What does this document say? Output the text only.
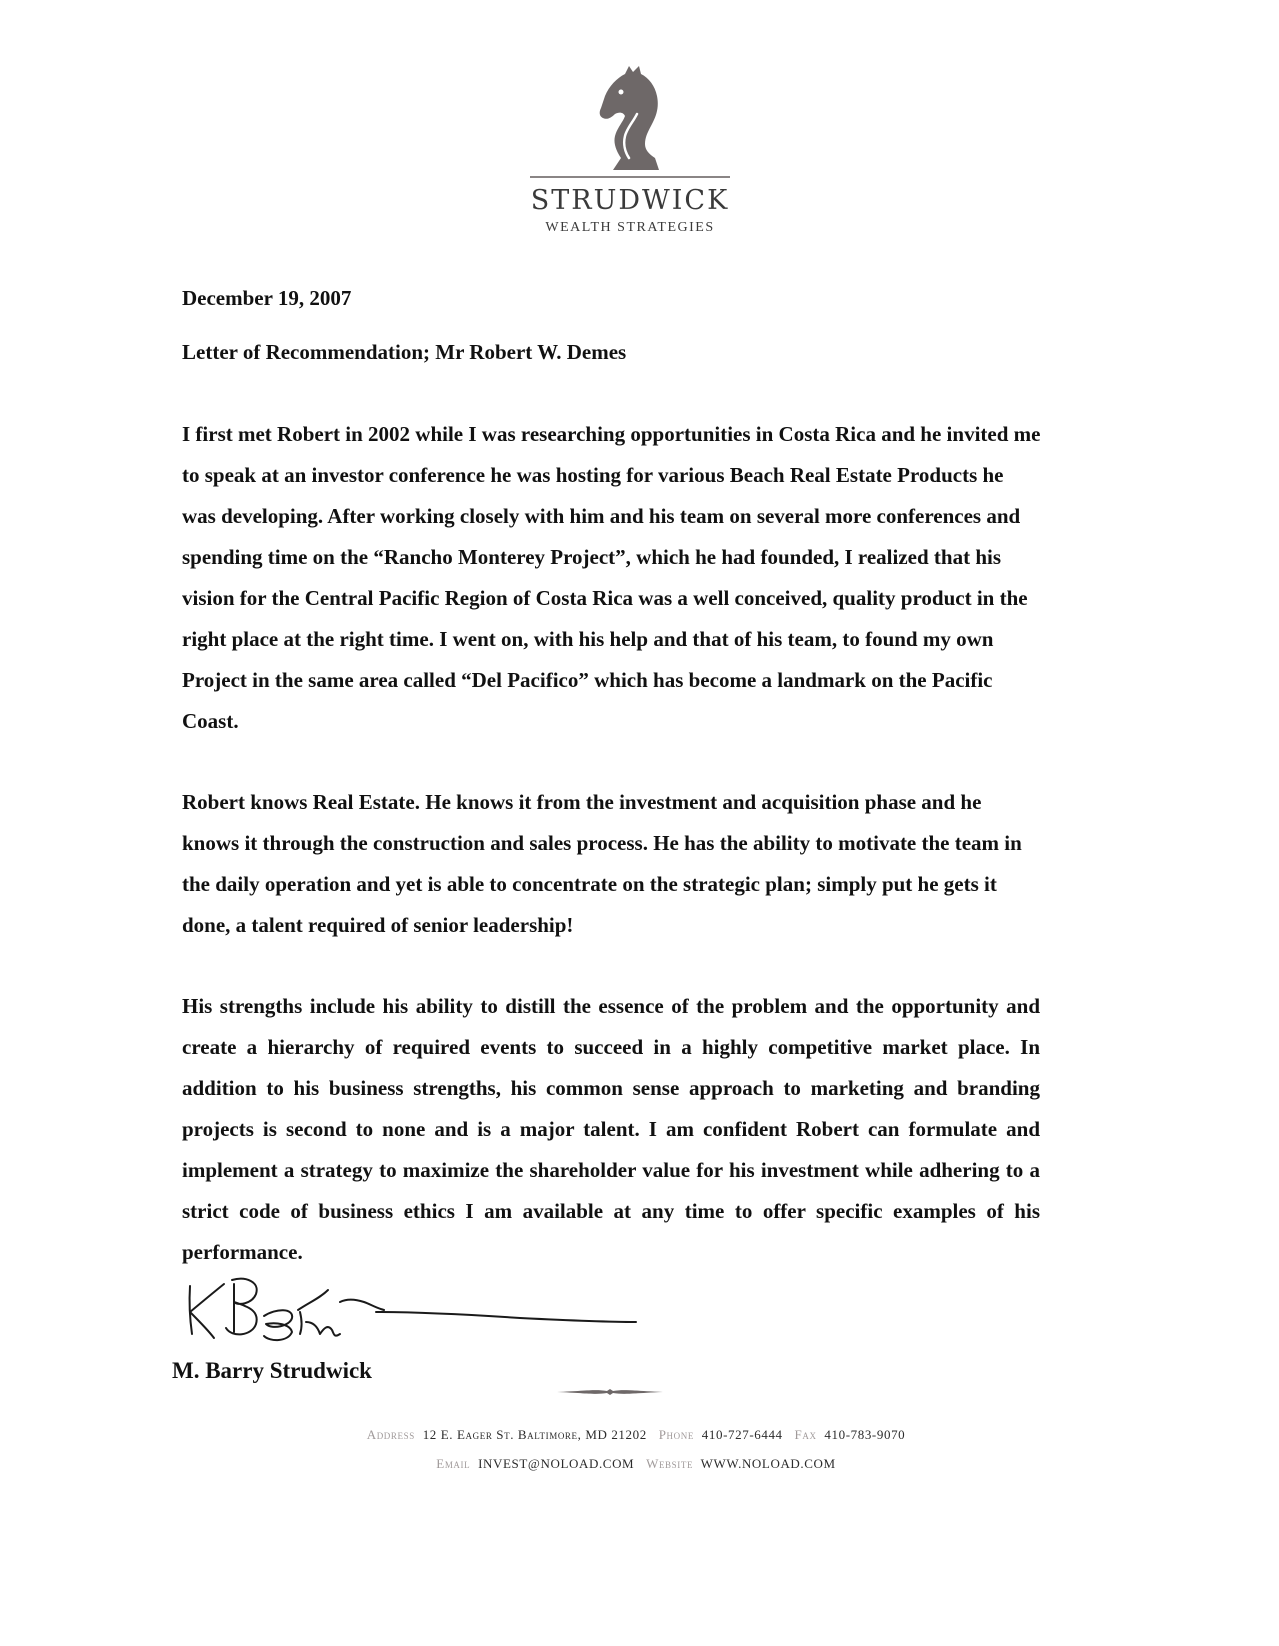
STRUDWICK
WEALTH STRATEGIES
December 19, 2007
Letter of Recommendation; Mr Robert W. Demes
I first met Robert in 2002 while I was researching opportunities in Costa Rica and he invited me to speak at an investor conference he was hosting for various Beach Real Estate Products he was developing. After working closely with him and his team on several more conferences and spending time on the “Rancho Monterey Project”, which he had founded, I realized that his vision for the Central Pacific Region of Costa Rica was a well conceived, quality product in the right place at the right time. I went on, with his help and that of his team, to found my own Project in the same area called “Del Pacifico” which has become a landmark on the Pacific Coast.
Robert knows Real Estate. He knows it from the investment and acquisition phase and he knows it through the construction and sales process. He has the ability to motivate the team in the daily operation and yet is able to concentrate on the strategic plan; simply put he gets it done, a talent required of senior leadership!
His strengths include his ability to distill the essence of the problem and the opportunity and create a hierarchy of required events to succeed in a highly competitive market place. In addition to his business strengths, his common sense approach to marketing and branding projects is second to none and is a major talent. I am confident Robert can formulate and implement a strategy to maximize the shareholder value for his investment while adhering to a strict code of business ethics I am available at any time to offer specific examples of his performance.
M. Barry Strudwick
Address 12 E. Eager St. Baltimore, MD 21202 Phone 410-727-6444 Fax 410-783-9070
Email INVEST@NOLOAD.COM Website WWW.NOLOAD.COM
